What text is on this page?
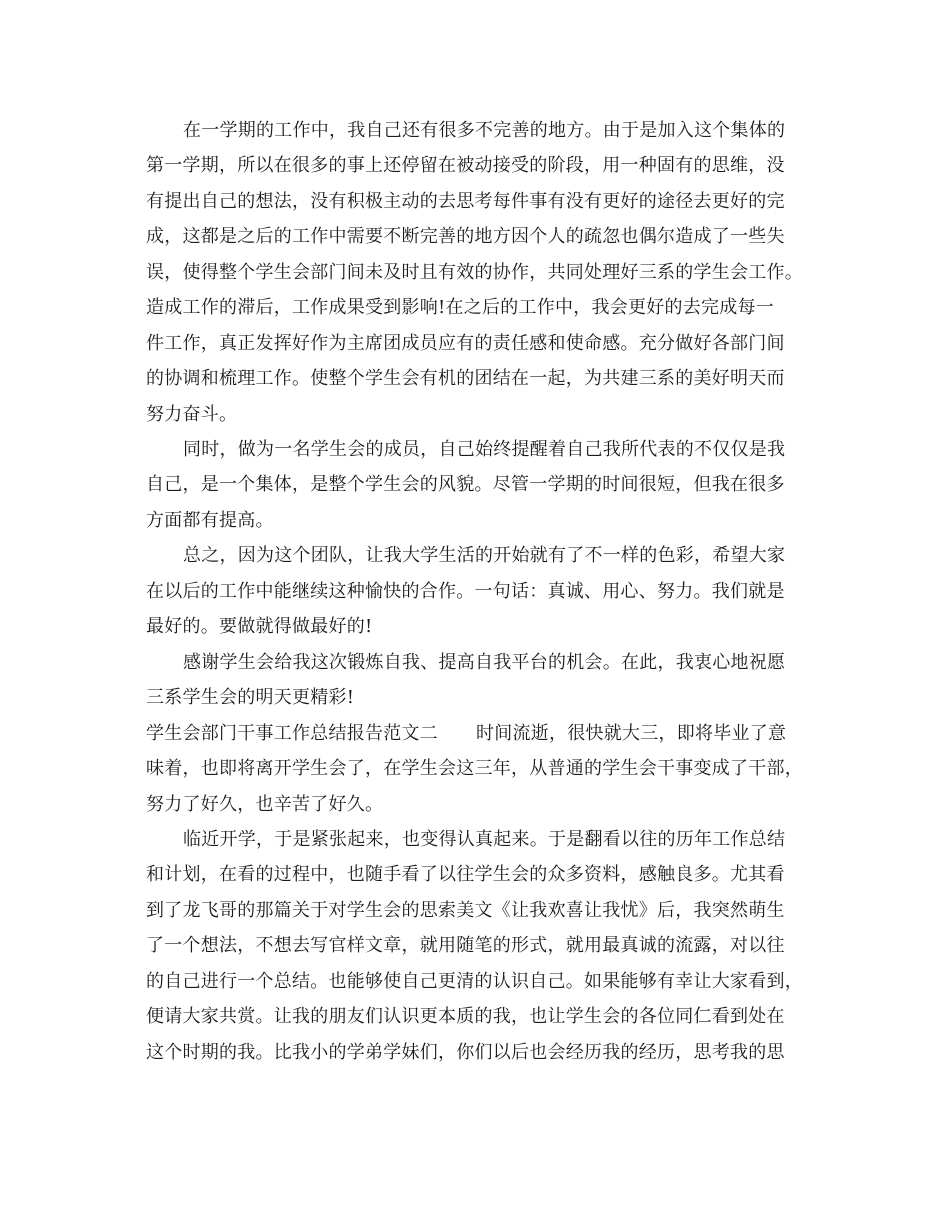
在一学期的工作中，我自己还有很多不完善的地方。由于是加入这个集体的
第一学期，所以在很多的事上还停留在被动接受的阶段，用一种固有的思维，没
有提出自己的想法，没有积极主动的去思考每件事有没有更好的途径去更好的完
成，这都是之后的工作中需要不断完善的地方因个人的疏忽也偶尔造成了一些失
误，使得整个学生会部门间未及时且有效的协作，共同处理好三系的学生会工作。
造成工作的滞后，工作成果受到影响!在之后的工作中，我会更好的去完成每一
件工作，真正发挥好作为主席团成员应有的责任感和使命感。充分做好各部门间
的协调和梳理工作。使整个学生会有机的团结在一起，为共建三系的美好明天而
努力奋斗。
同时，做为一名学生会的成员，自己始终提醒着自己我所代表的不仅仅是我
自己，是一个集体，是整个学生会的风貌。尽管一学期的时间很短，但我在很多
方面都有提高。
总之，因为这个团队，让我大学生活的开始就有了不一样的色彩，希望大家
在以后的工作中能继续这种愉快的合作。一句话：真诚、用心、努力。我们就是
最好的。要做就得做最好的!
感谢学生会给我这次锻炼自我、提高自我平台的机会。在此，我衷心地祝愿
三系学生会的明天更精彩!
学生会部门干事工作总结报告范文二 时间流逝，很快就大三，即将毕业了意
味着，也即将离开学生会了，在学生会这三年，从普通的学生会干事变成了干部，
努力了好久，也辛苦了好久。
临近开学，于是紧张起来，也变得认真起来。于是翻看以往的历年工作总结
和计划，在看的过程中，也随手看了以往学生会的众多资料，感触良多。尤其看
到了龙飞哥的那篇关于对学生会的思索美文《让我欢喜让我忧》后，我突然萌生
了一个想法，不想去写官样文章，就用随笔的形式，就用最真诚的流露，对以往
的自己进行一个总结。也能够使自己更清的认识自己。如果能够有幸让大家看到，
便请大家共赏。让我的朋友们认识更本质的我，也让学生会的各位同仁看到处在
这个时期的我。比我小的学弟学妹们，你们以后也会经历我的经历，思考我的思
